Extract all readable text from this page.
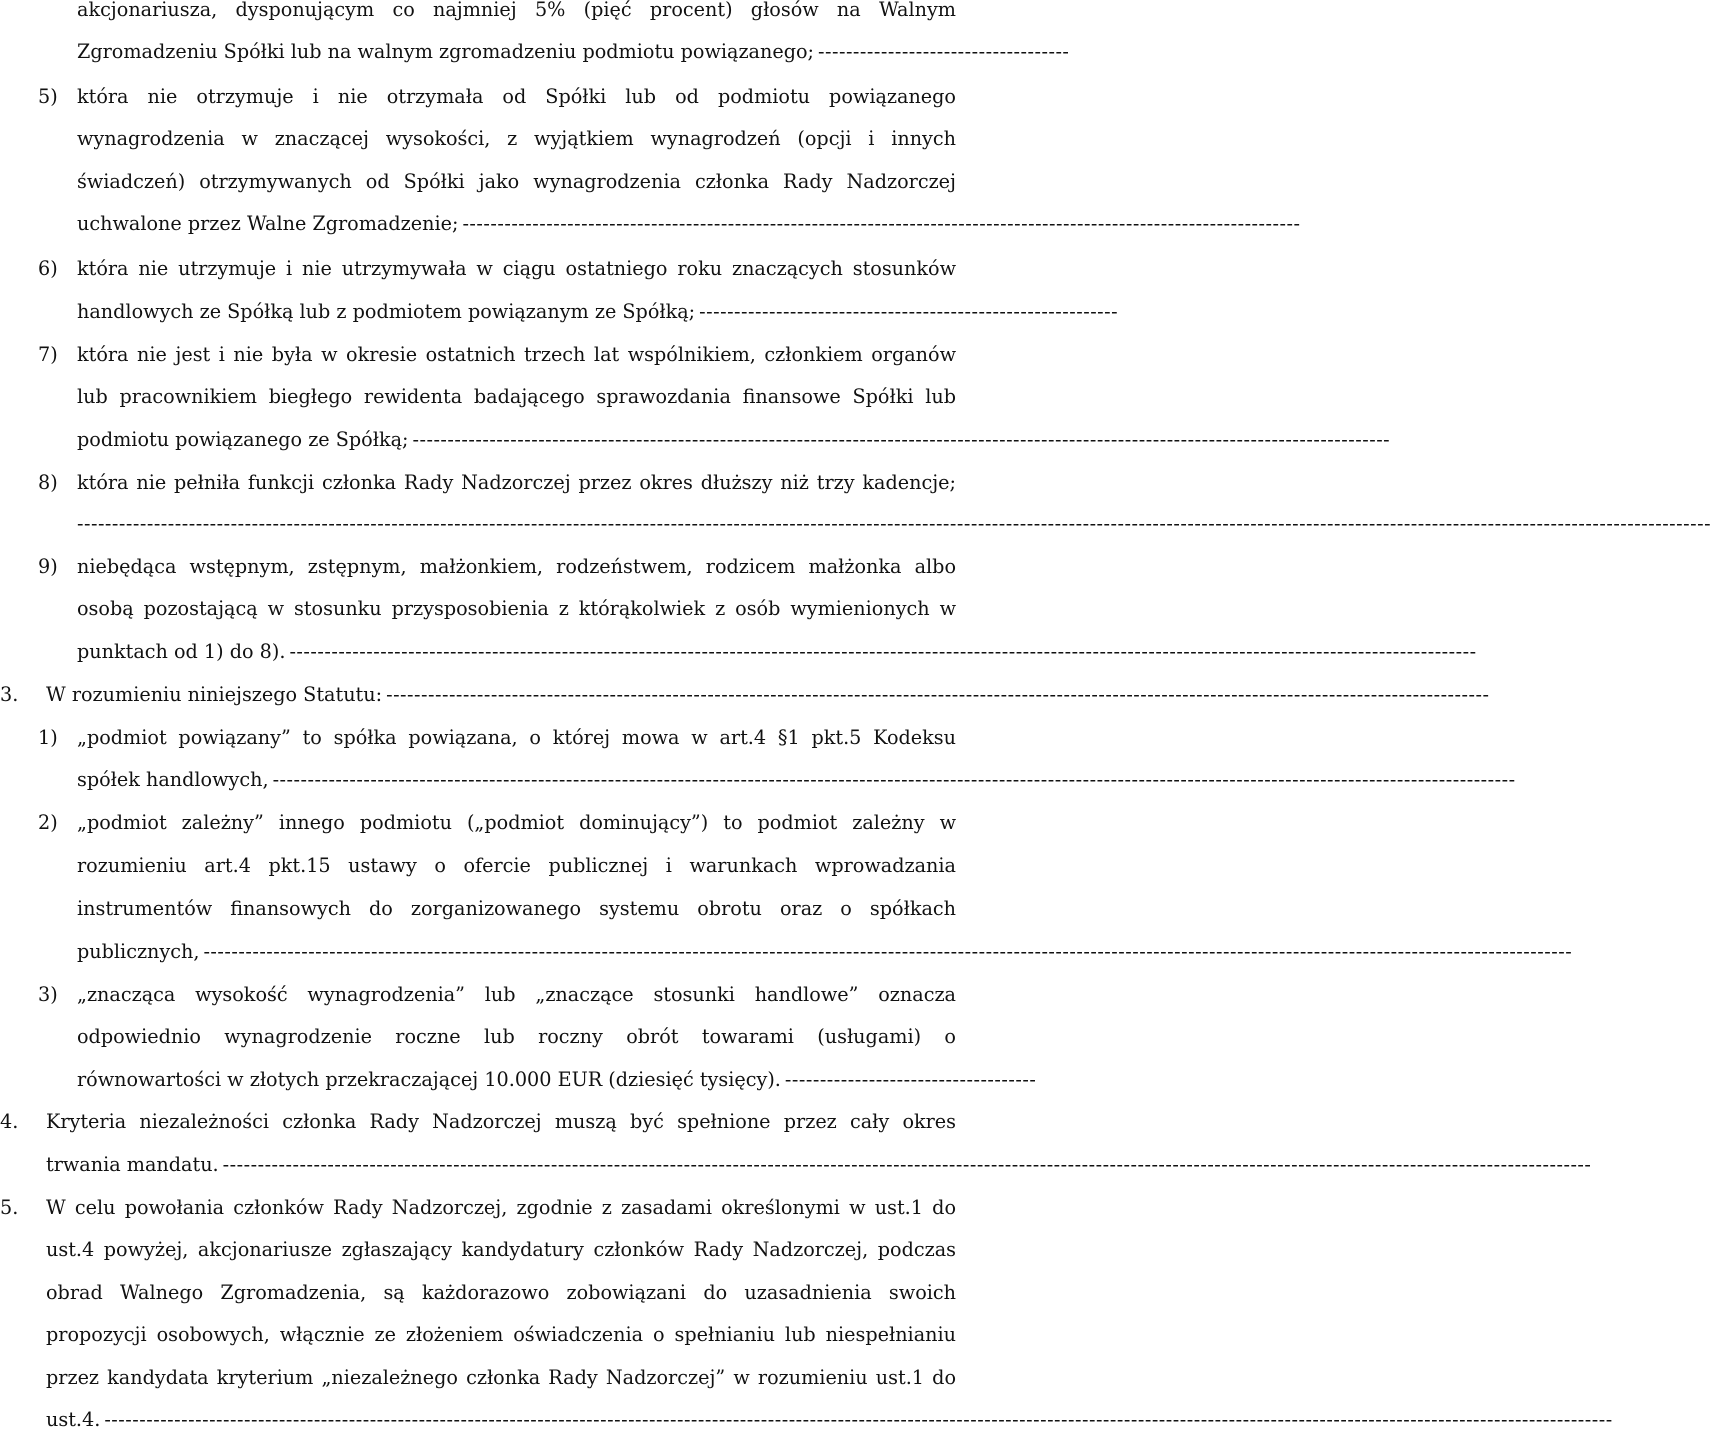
5)
6)
7)
8)
9)
3.
1)
2)
3)
4.
5.
akcjonariusza, dysponującym co najmniej 5% (pięć procent) głosów na Walnym
Zgromadzeniu Spółki lub na walnym zgromadzeniu podmiotu powiązanego; ------------------------------------
która nie otrzymuje i nie otrzymała od Spółki lub od podmiotu powiązanego
wynagrodzenia w znaczącej wysokości, z wyjątkiem wynagrodzeń (opcji i innych
świadczeń) otrzymywanych od Spółki jako wynagrodzenia członka Rady Nadzorczej
uchwalone przez Walne Zgromadzenie; ------------------------------------------------------------------------------------------------------------------------
która nie utrzymuje i nie utrzymywała w ciągu ostatniego roku znaczących stosunków
handlowych ze Spółką lub z podmiotem powiązanym ze Spółką; ------------------------------------------------------------
która nie jest i nie była w okresie ostatnich trzech lat wspólnikiem, członkiem organów
lub pracownikiem biegłego rewidenta badającego sprawozdania finansowe Spółki lub
podmiotu powiązanego ze Spółką; --------------------------------------------------------------------------------------------------------------------------------------------
która nie pełniła funkcji członka Rady Nadzorczej przez okres dłuższy niż trzy kadencje;
------------------------------------------------------------------------------------------------------------------------------------------------------------------------------------------------------------------------------------------
niebędąca wstępnym, zstępnym, małżonkiem, rodzeństwem, rodzicem małżonka albo
osobą pozostającą w stosunku przysposobienia z którąkolwiek z osób wymienionych w
punktach od 1) do 8). --------------------------------------------------------------------------------------------------------------------------------------------------------------------------
W rozumieniu niniejszego Statutu: --------------------------------------------------------------------------------------------------------------------------------------------------------------
„podmiot powiązany” to spółka powiązana, o której mowa w art.4 §1 pkt.5 Kodeksu
spółek handlowych, ----------------------------------------------------------------------------------------------------------------------------------------------------------------------------------
„podmiot zależny” innego podmiotu („podmiot dominujący”) to podmiot zależny w
rozumieniu art.4 pkt.15 ustawy o ofercie publicznej i warunkach wprowadzania
instrumentów finansowych do zorganizowanego systemu obrotu oraz o spółkach
publicznych, ----------------------------------------------------------------------------------------------------------------------------------------------------------------------------------------------------
„znacząca wysokość wynagrodzenia” lub „znaczące stosunki handlowe” oznacza
odpowiednio wynagrodzenie roczne lub roczny obrót towarami (usługami) o
równowartości w złotych przekraczającej 10.000 EUR (dziesięć tysięcy). ------------------------------------
Kryteria niezależności członka Rady Nadzorczej muszą być spełnione przez cały okres
trwania mandatu. ----------------------------------------------------------------------------------------------------------------------------------------------------------------------------------------------------
W celu powołania członków Rady Nadzorczej, zgodnie z zasadami określonymi w ust.1 do
ust.4 powyżej, akcjonariusze zgłaszający kandydatury członków Rady Nadzorczej, podczas
obrad Walnego Zgromadzenia, są każdorazowo zobowiązani do uzasadnienia swoich
propozycji osobowych, włącznie ze złożeniem oświadczenia o spełnianiu lub niespełnianiu
przez kandydata kryterium „niezależnego członka Rady Nadzorczej” w rozumieniu ust.1 do
ust.4. ------------------------------------------------------------------------------------------------------------------------------------------------------------------------------------------------------------------------
